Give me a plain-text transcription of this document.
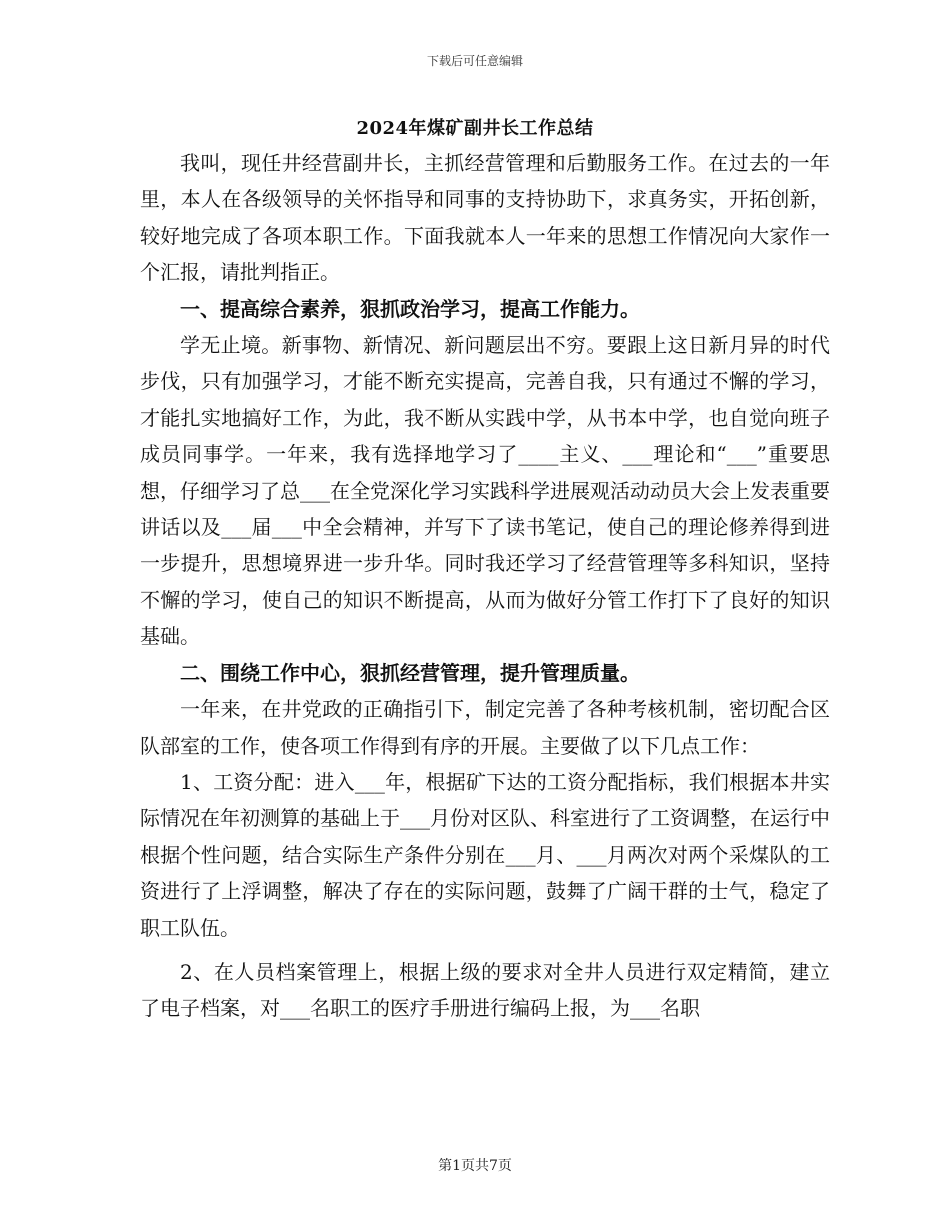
下载后可任意编辑
2024年煤矿副井长工作总结

我叫，现任井经营副井长，主抓经营管理和后勤服务工作。在过去的一年里，本人在各级领导的关怀指导和同事的支持协助下，求真务实，开拓创新，较好地完成了各项本职工作。下面我就本人一年来的思想工作情况向大家作一个汇报，请批判指正。

一、提高综合素养，狠抓政治学习，提高工作能力。

学无止境。新事物、新情况、新问题层出不穷。要跟上这日新月异的时代步伐，只有加强学习，才能不断充实提高，完善自我，只有通过不懈的学习，才能扎实地搞好工作，为此，我不断从实践中学，从书本中学，也自觉向班子成员同事学。一年来，我有选择地学习了____主义、___理论和“___”重要思想，仔细学习了总___在全党深化学习实践科学进展观活动动员大会上发表重要讲话以及___届___中全会精神，并写下了读书笔记，使自己的理论修养得到进一步提升，思想境界进一步升华。同时我还学习了经营管理等多科知识，坚持不懈的学习，使自己的知识不断提高，从而为做好分管工作打下了良好的知识基础。

二、围绕工作中心，狠抓经营管理，提升管理质量。

一年来，在井党政的正确指引下，制定完善了各种考核机制，密切配合区队部室的工作，使各项工作得到有序的开展。主要做了以下几点工作：

1、工资分配：进入___年，根据矿下达的工资分配指标，我们根据本井实际情况在年初测算的基础上于___月份对区队、科室进行了工资调整，在运行中根据个性问题，结合实际生产条件分别在___月、___月两次对两个采煤队的工资进行了上浮调整，解决了存在的实际问题，鼓舞了广阔干群的士气，稳定了职工队伍。

2、在人员档案管理上，根据上级的要求对全井人员进行双定精简，建立了电子档案，对___名职工的医疗手册进行编码上报，为___名职

第1页共7页
